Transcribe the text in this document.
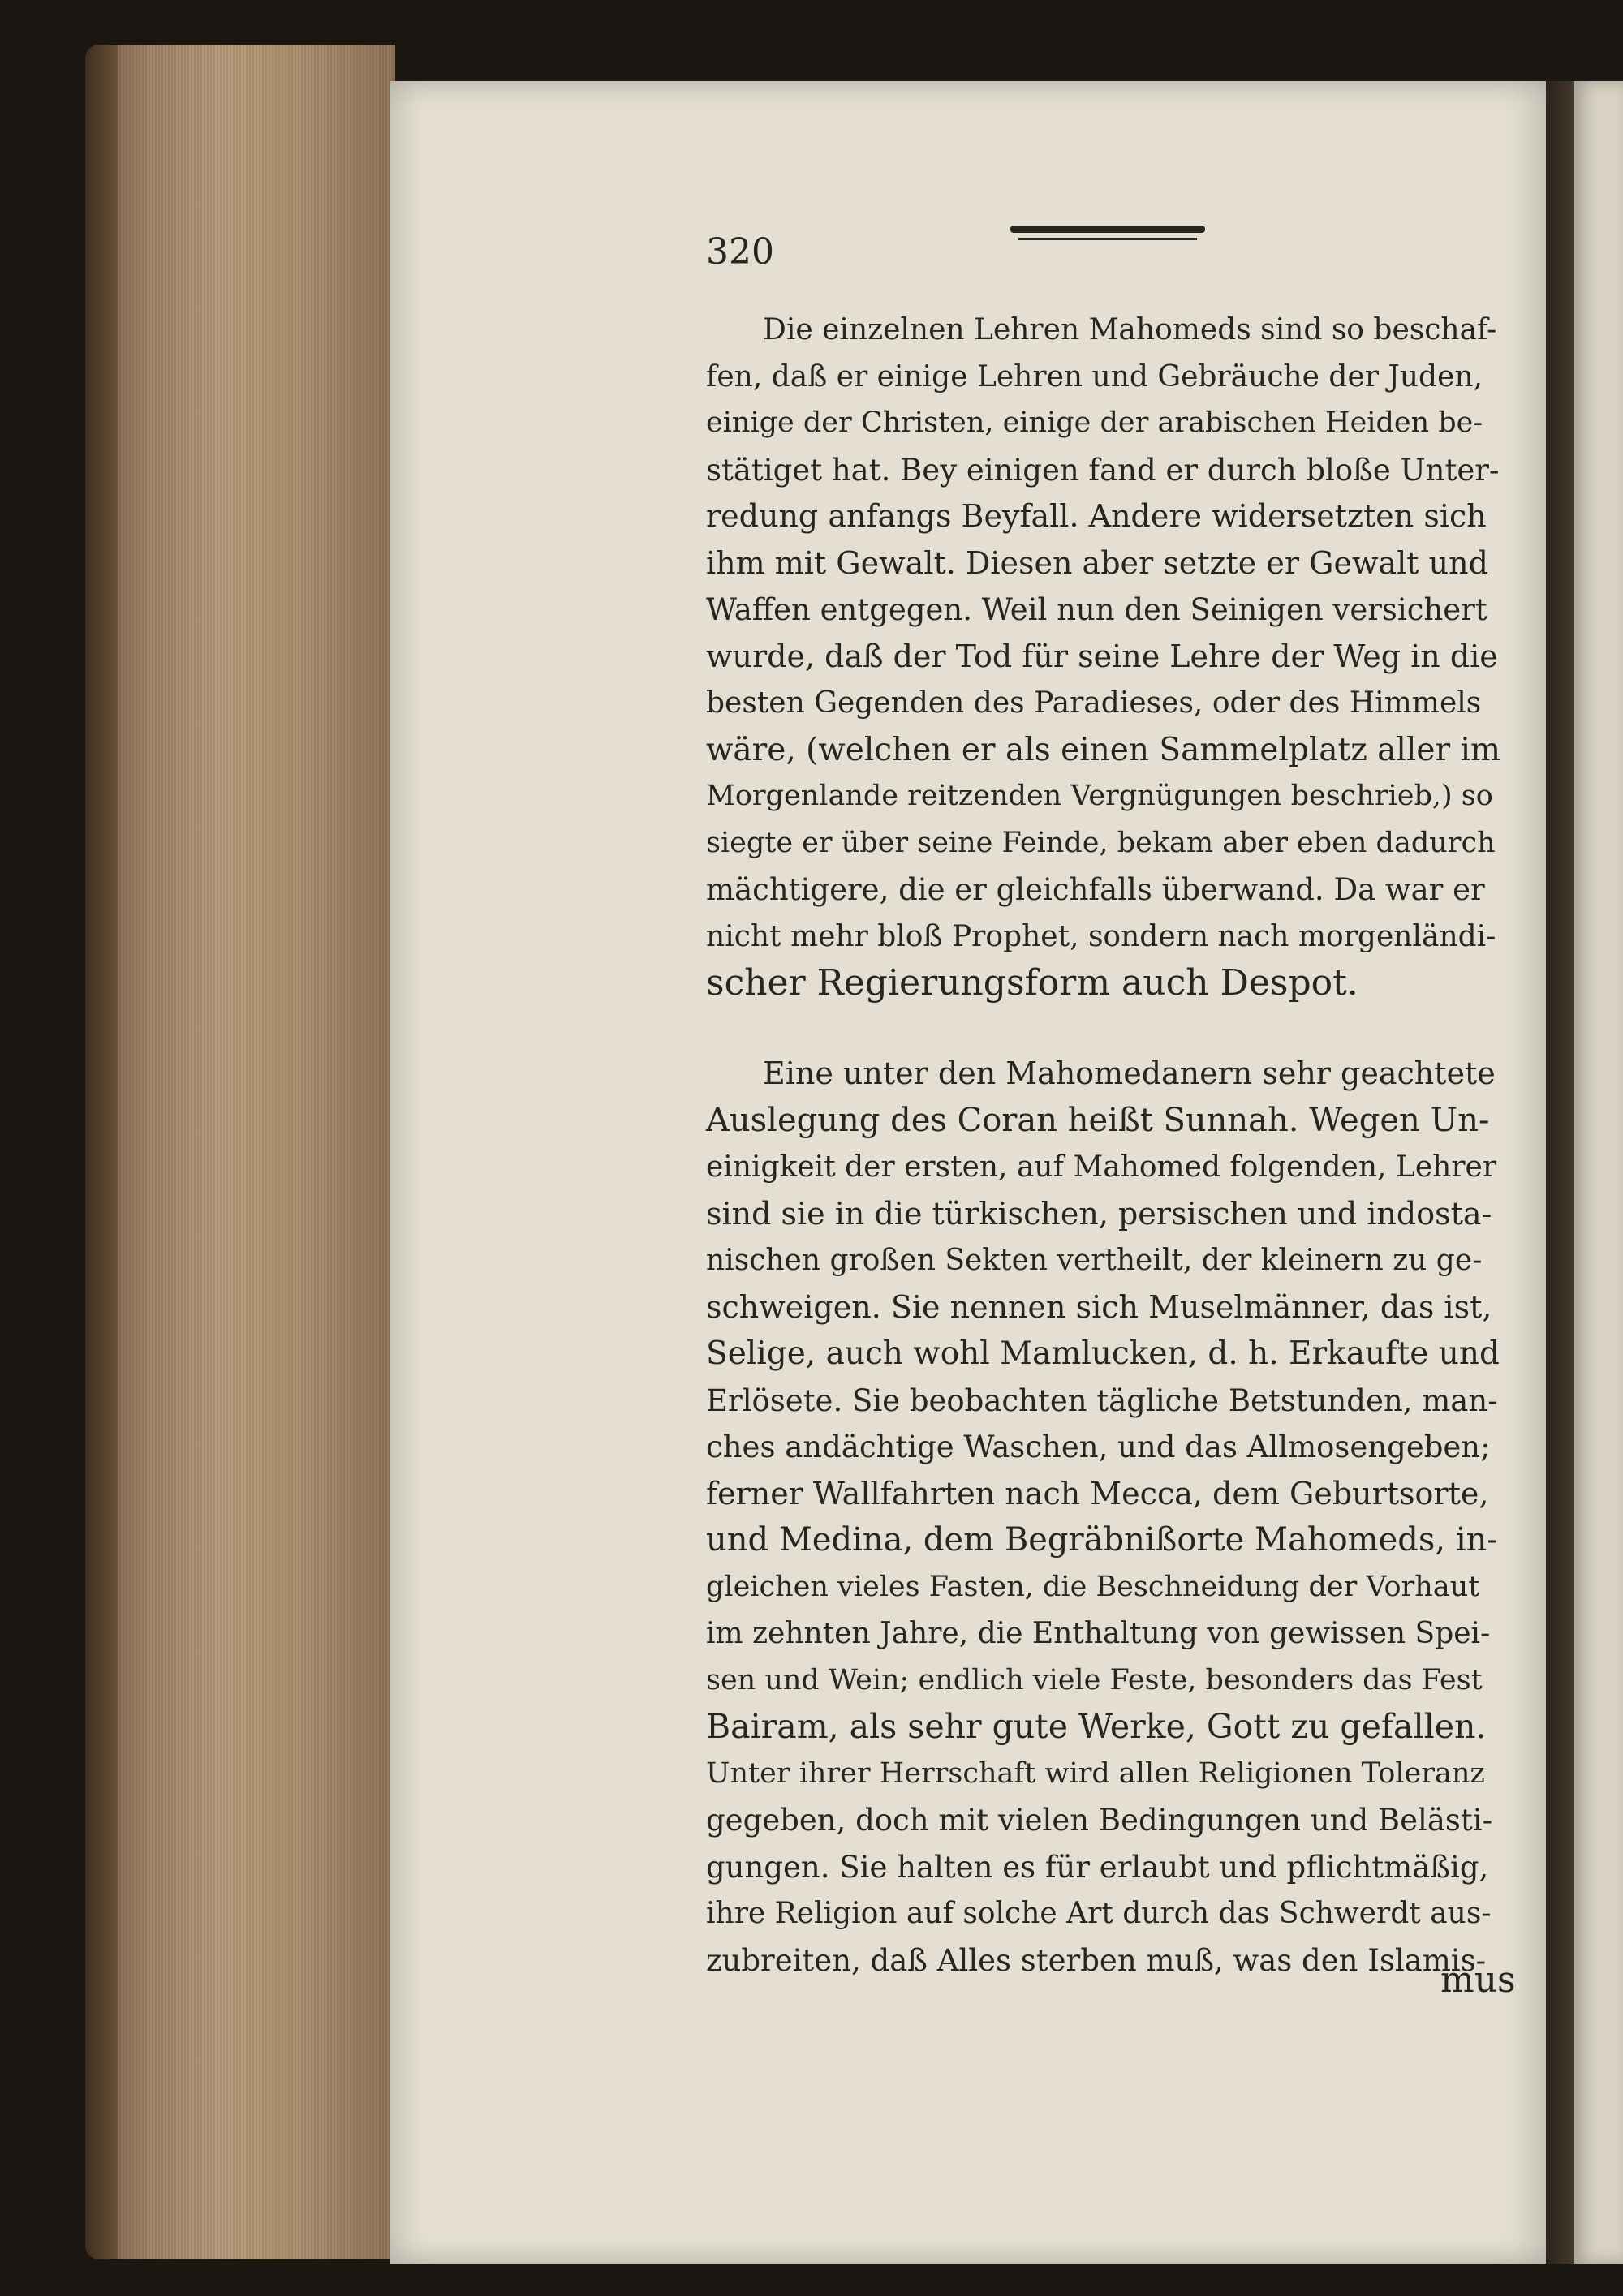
320

Die einzelnen Lehren Mahomeds sind so beschaf-
fen, daß er einige Lehren und Gebräuche der Juden,
einige der Christen, einige der arabischen Heiden be-
stätiget hat. Bey einigen fand er durch bloße Unter-
redung anfangs Beyfall. Andere widersetzten sich
ihm mit Gewalt. Diesen aber setzte er Gewalt und
Waffen entgegen. Weil nun den Seinigen versichert
wurde, daß der Tod für seine Lehre der Weg in die
besten Gegenden des Paradieses, oder des Himmels
wäre, (welchen er als einen Sammelplatz aller im
Morgenlande reitzenden Vergnügungen beschrieb,) so
siegte er über seine Feinde, bekam aber eben dadurch
mächtigere, die er gleichfalls überwand. Da war er
nicht mehr bloß Prophet, sondern nach morgenländi-
scher Regierungsform auch Despot.

Eine unter den Mahomedanern sehr geachtete
Auslegung des Coran heißt Sunnah. Wegen Un-
einigkeit der ersten, auf Mahomed folgenden, Lehrer
sind sie in die türkischen, persischen und indosta-
nischen großen Sekten vertheilt, der kleinern zu ge-
schweigen. Sie nennen sich Muselmänner, das ist,
Selige, auch wohl Mamlucken, d. h. Erkaufte und
Erlösete. Sie beobachten tägliche Betstunden, man-
ches andächtige Waschen, und das Allmosengeben;
ferner Wallfahrten nach Mecca, dem Geburtsorte,
und Medina, dem Begräbnißorte Mahomeds, in-
gleichen vieles Fasten, die Beschneidung der Vorhaut
im zehnten Jahre, die Enthaltung von gewissen Spei-
sen und Wein; endlich viele Feste, besonders das Fest
Bairam, als sehr gute Werke, Gott zu gefallen.
Unter ihrer Herrschaft wird allen Religionen Toleranz
gegeben, doch mit vielen Bedingungen und Belästi-
gungen. Sie halten es für erlaubt und pflichtmäßig,
ihre Religion auf solche Art durch das Schwerdt aus-
zubreiten, daß Alles sterben muß, was den Islamis-

mus
